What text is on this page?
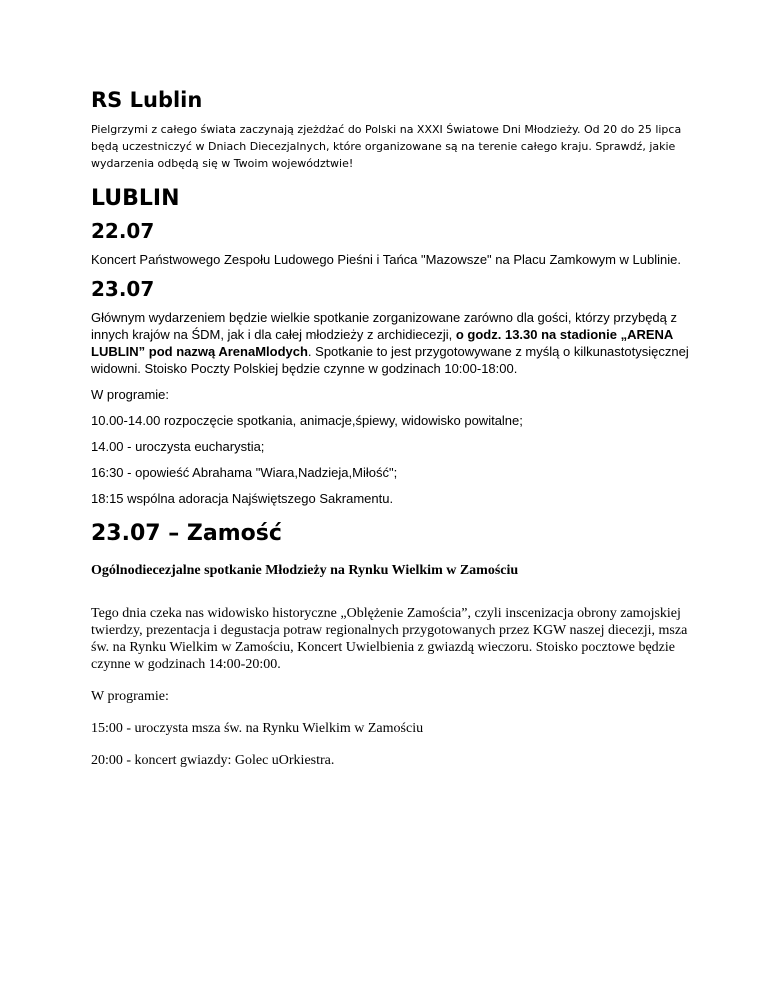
RS Lublin

Pielgrzymi z całego świata zaczynają zjeżdżać do Polski na XXXI Światowe Dni Młodzieży. Od 20 do 25 lipca będą uczestniczyć w Dniach Diecezjalnych, które organizowane są na terenie całego kraju. Sprawdź, jakie wydarzenia odbędą się w Twoim województwie!

LUBLIN
22.07

Koncert Państwowego Zespołu Ludowego Pieśni i Tańca "Mazowsze" na Placu Zamkowym w Lublinie.

23.07

Głównym wydarzeniem będzie wielkie spotkanie zorganizowane zarówno dla gości, którzy przybędą z innych krajów na ŚDM, jak i dla całej młodzieży z archidiecezji, o godz. 13.30 na stadionie „ARENA LUBLIN” pod nazwą ArenaMlodych. Spotkanie to jest przygotowywane z myślą o kilkunastotysięcznej widowni. Stoisko Poczty Polskiej będzie czynne w godzinach 10:00-18:00.

W programie:

10.00-14.00 rozpoczęcie spotkania, animacje,śpiewy, widowisko powitalne;

14.00 - uroczysta eucharystia;

16:30 - opowieść Abrahama "Wiara,Nadzieja,Miłość";

18:15 wspólna adoracja Najświętszego Sakramentu.

23.07 – Zamość
Ogólnodiecezjalne spotkanie Młodzieży na Rynku Wielkim w Zamościu

Tego dnia czeka nas widowisko historyczne „Oblężenie Zamościa”, czyli inscenizacja obrony zamojskiej twierdzy, prezentacja i degustacja potraw regionalnych przygotowanych przez KGW naszej diecezji, msza św. na Rynku Wielkim w Zamościu, Koncert Uwielbienia z gwiazdą wieczoru. Stoisko pocztowe będzie czynne w godzinach 14:00-20:00.

W programie:

15:00 - uroczysta msza św. na Rynku Wielkim w Zamościu

20:00 - koncert gwiazdy: Golec uOrkiestra.
